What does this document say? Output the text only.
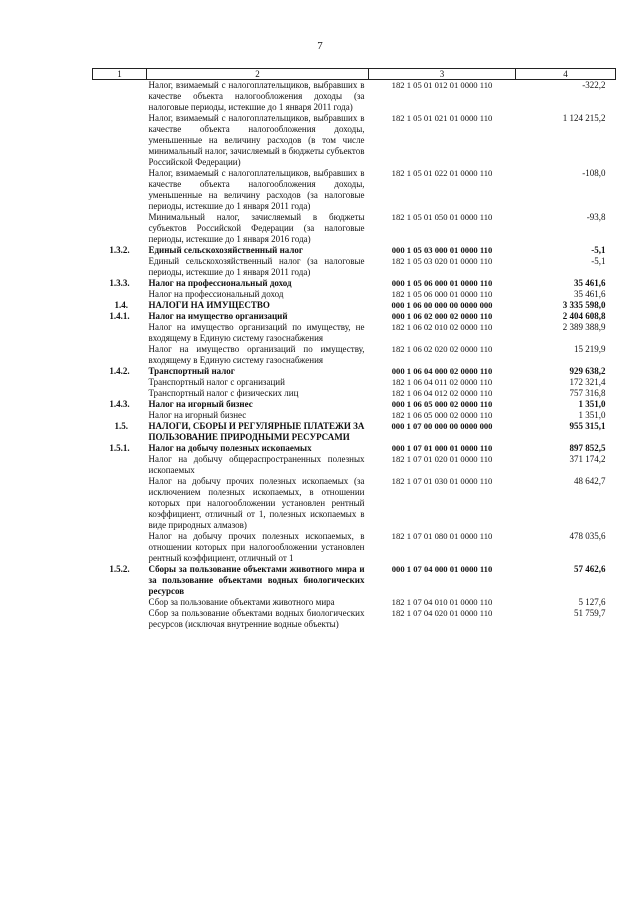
7
1	2	3	4
	Налог, взимаемый с налогоплательщиков, выбравших в качестве объекта налогообложения доходы (за налоговые периоды, истекшие до 1 января 2011 года)	182 1 05 01 012 01 0000 110	-322,2
	Налог, взимаемый с налогоплательщиков, выбравших в качестве объекта налогообложения доходы, уменьшенные на величину расходов (в том числе минимальный налог, зачисляемый в бюджеты субъектов Российской Федерации)	182 1 05 01 021 01 0000 110	1 124 215,2
	Налог, взимаемый с налогоплательщиков, выбравших в качестве объекта налогообложения доходы, уменьшенные на величину расходов (за налоговые периоды, истекшие до 1 января 2011 года)	182 1 05 01 022 01 0000 110	-108,0
	Минимальный налог, зачисляемый в бюджеты субъектов Российской Федерации (за налоговые периоды, истекшие до 1 января 2016 года)	182 1 05 01 050 01 0000 110	-93,8
1.3.2.	Единый сельскохозяйственный налог	000 1 05 03 000 01 0000 110	-5,1
	Единый сельскохозяйственный налог (за налоговые периоды, истекшие до 1 января 2011 года)	182 1 05 03 020 01 0000 110	-5,1
1.3.3.	Налог на профессиональный доход	000 1 05 06 000 01 0000 110	35 461,6
	Налог на профессиональный доход	182 1 05 06 000 01 0000 110	35 461,6
1.4.	НАЛОГИ НА ИМУЩЕСТВО	000 1 06 00 000 00 0000 000	3 335 598,0
1.4.1.	Налог на имущество организаций	000 1 06 02 000 02 0000 110	2 404 608,8
	Налог на имущество организаций по имуществу, не входящему в Единую систему газоснабжения	182 1 06 02 010 02 0000 110	2 389 388,9
	Налог на имущество организаций по имуществу, входящему в Единую систему газоснабжения	182 1 06 02 020 02 0000 110	15 219,9
1.4.2.	Транспортный налог	000 1 06 04 000 02 0000 110	929 638,2
	Транспортный налог с организаций	182 1 06 04 011 02 0000 110	172 321,4
	Транспортный налог с физических лиц	182 1 06 04 012 02 0000 110	757 316,8
1.4.3.	Налог на игорный бизнес	000 1 06 05 000 02 0000 110	1 351,0
	Налог на игорный бизнес	182 1 06 05 000 02 0000 110	1 351,0
1.5.	НАЛОГИ, СБОРЫ И РЕГУЛЯРНЫЕ ПЛАТЕЖИ ЗА ПОЛЬЗОВАНИЕ ПРИРОДНЫМИ РЕСУРСАМИ	000 1 07 00 000 00 0000 000	955 315,1
1.5.1.	Налог на добычу полезных ископаемых	000 1 07 01 000 01 0000 110	897 852,5
	Налог на добычу общераспространенных полезных ископаемых	182 1 07 01 020 01 0000 110	371 174,2
	Налог на добычу прочих полезных ископаемых (за исключением полезных ископаемых, в отношении которых при налогообложении установлен рентный коэффициент, отличный от 1, полезных ископаемых в виде природных алмазов)	182 1 07 01 030 01 0000 110	48 642,7
	Налог на добычу прочих полезных ископаемых, в отношении которых при налогообложении установлен рентный коэффициент, отличный от 1	182 1 07 01 080 01 0000 110	478 035,6
1.5.2.	Сборы за пользование объектами животного мира и за пользование объектами водных биологических ресурсов	000 1 07 04 000 01 0000 110	57 462,6
	Сбор за пользование объектами животного мира	182 1 07 04 010 01 0000 110	5 127,6
	Сбор за пользование объектами водных биологических ресурсов (исключая внутренние водные объекты)	182 1 07 04 020 01 0000 110	51 759,7
